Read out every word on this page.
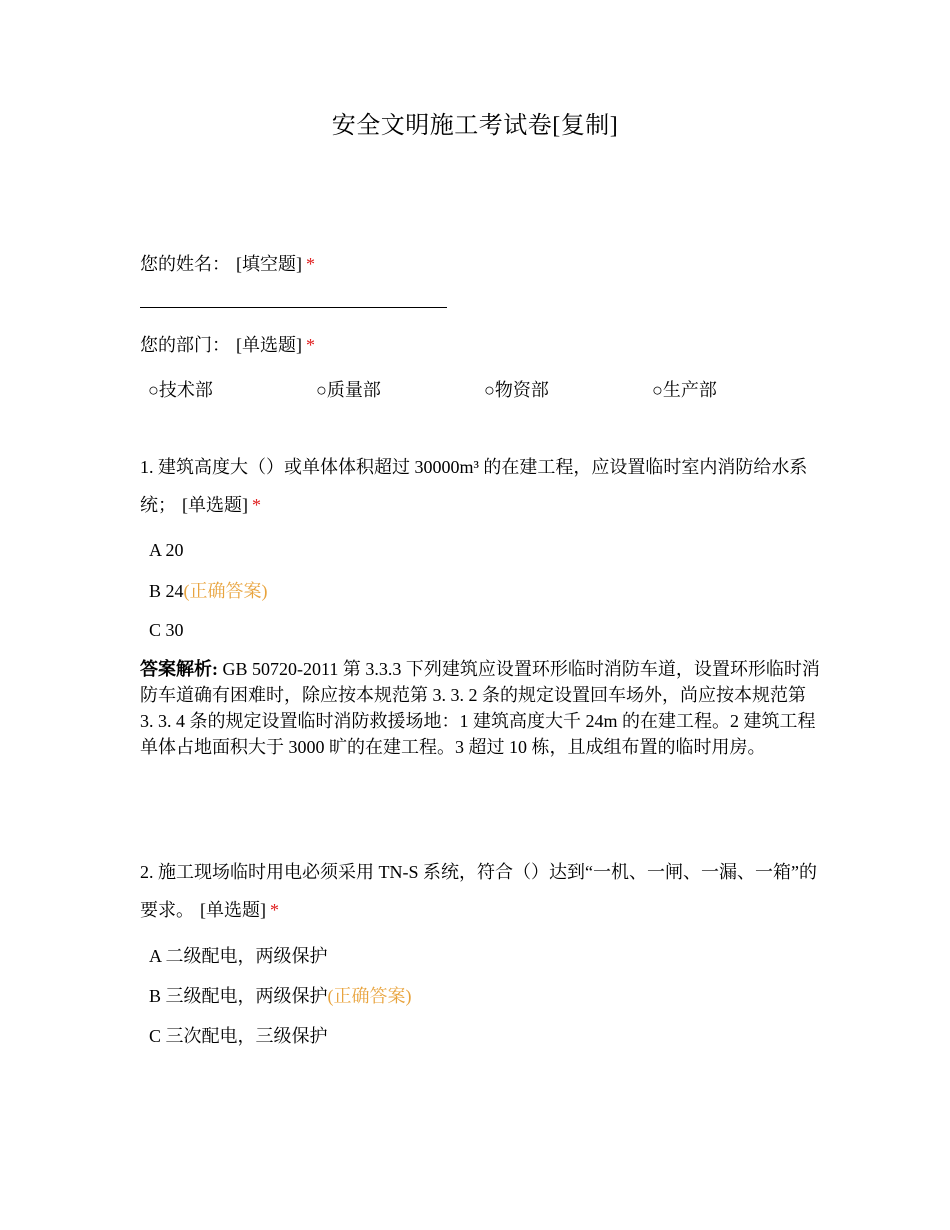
安全文明施工考试卷[复制]
您的姓名： [填空题] *
您的部门： [单选题] *
○技术部	○质量部	○物资部	○生产部
1. 建筑高度大（）或单体体积超过 30000m³ 的在建工程，应设置临时室内消防给水系统； [单选题] *
A 20
B 24(正确答案)
C 30
答案解析: GB 50720-2011 第 3.3.3 下列建筑应设置环形临时消防车道，设置环形临时消防车道确有困难时，除应按本规范第 3. 3. 2 条的规定设置回车场外，尚应按本规范第 3. 3. 4 条的规定设置临时消防救援场地：1 建筑高度大千 24m 的在建工程。2 建筑工程单体占地面积大于 3000 旷的在建工程。3 超过 10 栋，且成组布置的临时用房。
2. 施工现场临时用电必须采用 TN-S 系统，符合（）达到“一机、一闸、一漏、一箱”的要求。 [单选题] *
A 二级配电，两级保护
B 三级配电，两级保护(正确答案)
C 三次配电，三级保护
